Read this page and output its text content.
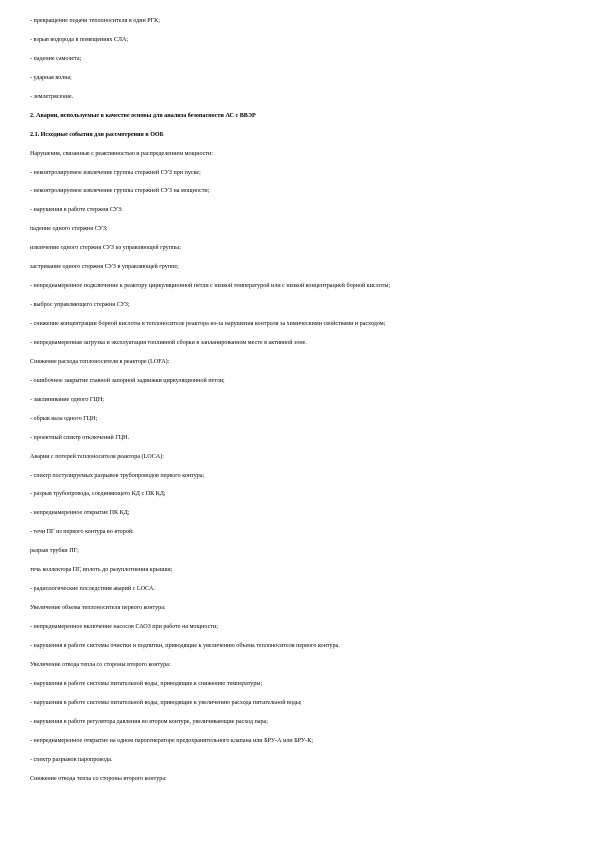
- прекращение подачи теплоносителя в один РГК;
- взрыв водорода в помещениях СЛА;
- падение самолета;
- ударная волна;
- землетрясение.
2. Аварии, используемые в качестве основы для анализа безопасности АС с ВВЭР
2.1. Исходные события для рассмотрения в ООБ
Нарушения, связанные с реактивностью и распределением мощности:
- неконтролируемое извлечение группы стержней СУЗ при пуске;
- неконтролируемое извлечение группы стержней СУЗ на мощности;
- нарушения в работе стержня СУЗ:
падение одного стержня СУЗ;
извлечение одного стержня СУЗ из управляющей группы;
застревание одного стержня СУЗ в управляющей группе;
- непреднамеренное подключение к реактору циркуляционной петли с низкой температурой или с низкой концентрацией борной кислоты;
- выброс управляющего стержня СУЗ;
- снижение концентрации борной кислоты в теплоносителе реактора из-за нарушения контроля за химическими свойствами и расходом;
- непреднамеренная загрузка и эксплуатация топливной сборки в запланированном месте в активной зоне.
Снижение расхода теплоносителя в реакторе (LOFA):
- ошибочное закрытие главной запорной задвижки циркуляционной петли;
- заклинивание одного ГЦН;
- обрыв вала одного ГЦН;
- проектный спектр отключений ГЦН.
Аварии с потерей теплоносителя реактора (LOCA):
- спектр постулируемых разрывов трубопроводов первого контура;
- разрыв трубопровода, соединяющего КД с ПК КД;
- непреднамеренное открытие ПК КД;
- течи ПГ из первого контура во второй:
разрыв трубки ПГ;
течь коллектора ПГ, вплоть до разуплотнения крышки;
- радиологические последствия аварий с LOCA.
Увеличение объема теплоносителя первого контура:
- непреднамеренное включение насосов САОЗ при работе на мощности;
- нарушения в работе системы очистки и подпитки, приводящие к увеличению объема теплоносителя первого контура.
Увеличение отвода тепла со стороны второго контура:
- нарушения в работе системы питательной воды, приводящие к снижению температуры;
- нарушения в работе системы питательной воды, приводящие к увеличению расхода питательной воды;
- нарушения в работе регулятора давления во втором контуре, увеличивающие расход пара;
- непреднамеренное открытие на одном парогенераторе предохранительного клапана или БРУ-А или БРУ-К;
- спектр разрывов паропровода.
Снижение отвода тепла со стороны второго контура:
